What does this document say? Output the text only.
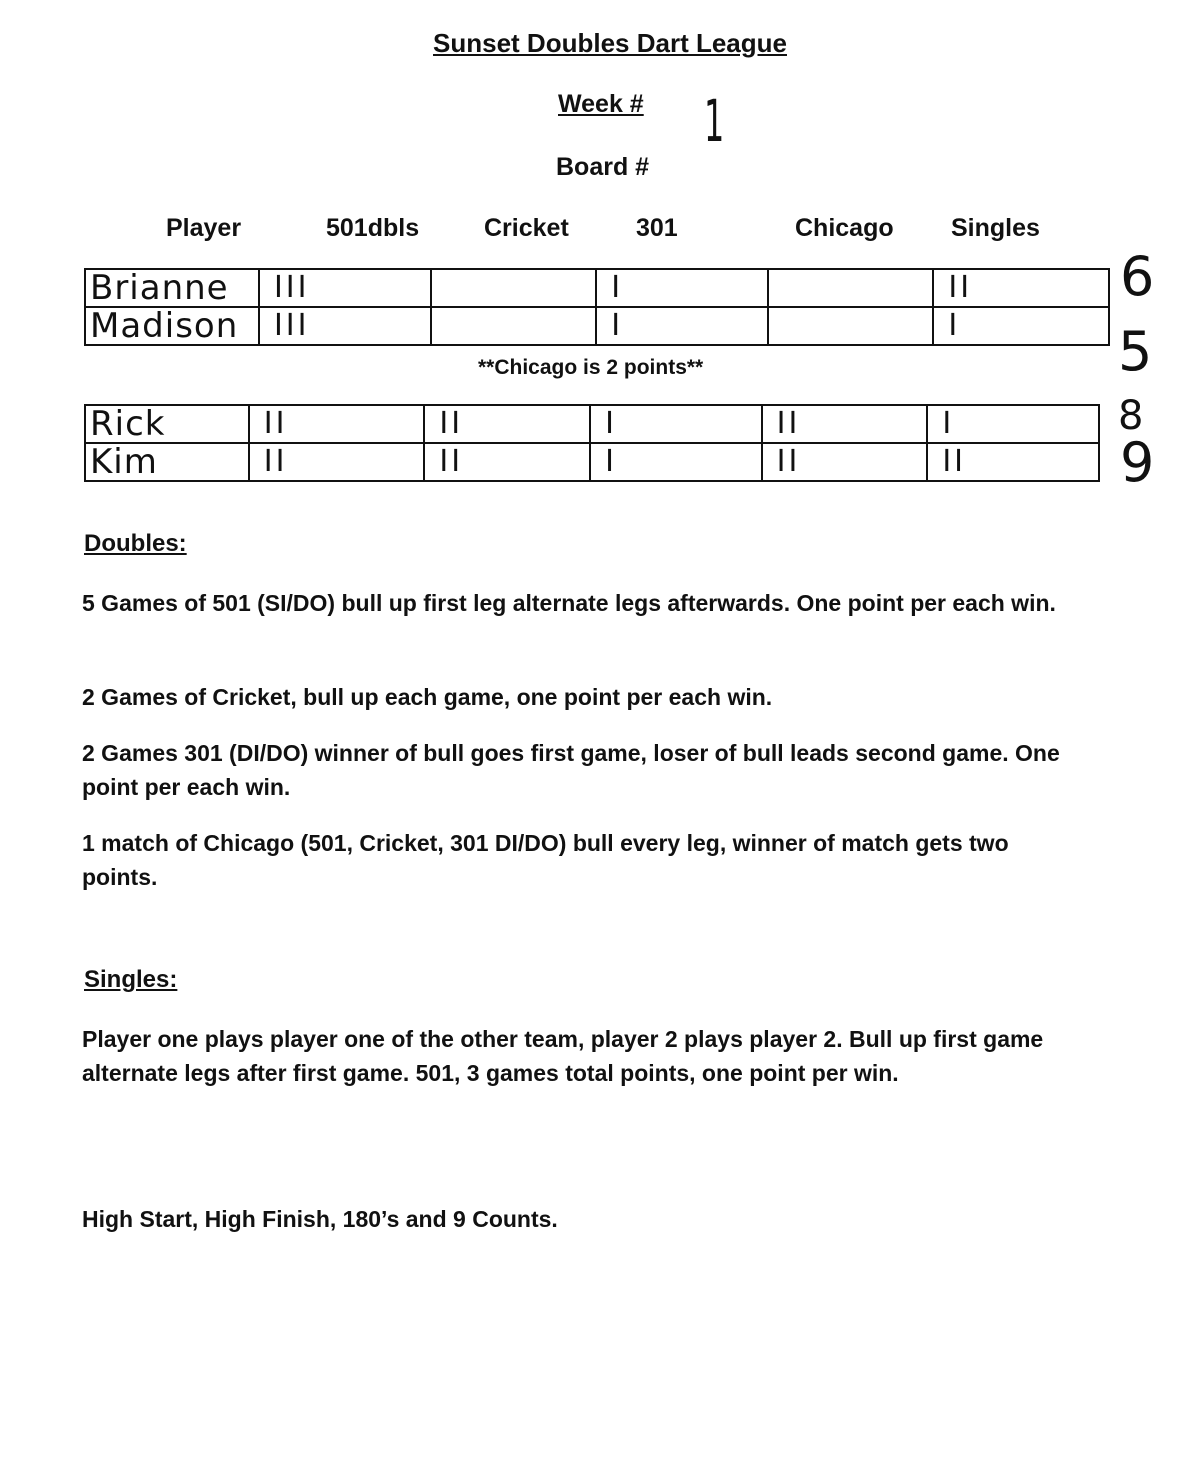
Sunset Doubles Dart League
Week # 1
Board #
Player	501dbls	Cricket	301	Chicago Singles
Brianne	III		I		II
Madison	III		I		I
6
5
**Chicago is 2 points**
Rick	II	II	I	II	I
Kim	II	II	I	II	II
8
9
Doubles:
5 Games of 501 (SI/DO) bull up first leg alternate legs afterwards. One point per each win.
2 Games of Cricket, bull up each game, one point per each win.
2 Games 301 (DI/DO) winner of bull goes first game, loser of bull leads second game. One point per each win.
1 match of Chicago (501, Cricket, 301 DI/DO) bull every leg, winner of match gets two points.
Singles:
Player one plays player one of the other team, player 2 plays player 2. Bull up first game alternate legs after first game. 501, 3 games total points, one point per win.
High Start, High Finish, 180’s and 9 Counts.
